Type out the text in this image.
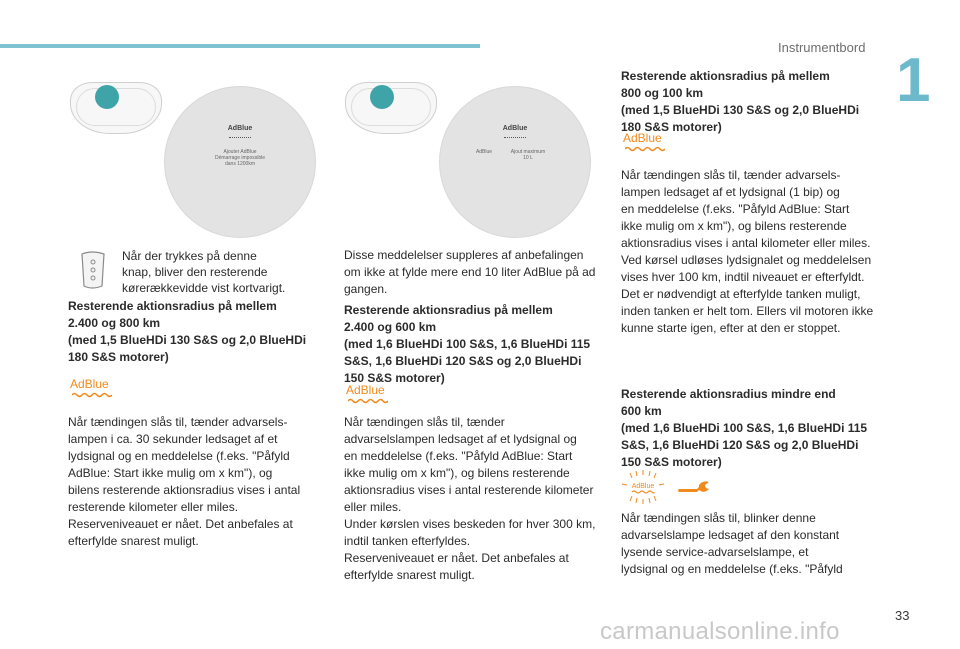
Instrumentbord 1
AdBlue
Ajouter AdBlue
Démarrage impossible
dans 1200km
AdBlue
AdBlue	Ajout maximum
10 L
Når der trykkes på denne
knap, bliver den resterende
kørerækkevidde vist kortvarigt.
Resterende aktionsradius på mellem
2.400 og 800 km
(med 1,5 BlueHDi 130 S&S og 2,0 BlueHDi
180 S&S motorer)
AdBlue
Når tændingen slås til, tænder advarsels-
lampen i ca. 30 sekunder ledsaget af et
lydsignal og en meddelelse (f.eks. "Påfyld
AdBlue: Start ikke mulig om x km"), og
bilens resterende aktionsradius vises i antal
resterende kilometer eller miles.
Reserveniveauet er nået. Det anbefales at
efterfylde snarest muligt.
Disse meddelelser suppleres af anbefalingen
om ikke at fylde mere end 10 liter AdBlue på ad
gangen.
Resterende aktionsradius på mellem
2.400 og 600 km
(med 1,6 BlueHDi 100 S&S, 1,6 BlueHDi 115
S&S, 1,6 BlueHDi 120 S&S og 2,0 BlueHDi
150 S&S motorer)
AdBlue
Når tændingen slås til, tænder
advarselslampen ledsaget af et lydsignal og
en meddelelse (f.eks. "Påfyld AdBlue: Start
ikke mulig om x km"), og bilens resterende
aktionsradius vises i antal resterende kilometer
eller miles.
Under kørslen vises beskeden for hver 300 km,
indtil tanken efterfyldes.
Reserveniveauet er nået. Det anbefales at
efterfylde snarest muligt.
Resterende aktionsradius på mellem
800 og 100 km
(med 1,5 BlueHDi 130 S&S og 2,0 BlueHDi
180 S&S motorer)
AdBlue
Når tændingen slås til, tænder advarsels-
lampen ledsaget af et lydsignal (1 bip) og
en meddelelse (f.eks. "Påfyld AdBlue: Start
ikke mulig om x km"), og bilens resterende
aktionsradius vises i antal kilometer eller miles.
Ved kørsel udløses lydsignalet og meddelelsen
vises hver 100 km, indtil niveauet er efterfyldt.
Det er nødvendigt at efterfylde tanken muligt,
inden tanken er helt tom. Ellers vil motoren ikke
kunne starte igen, efter at den er stoppet.
Resterende aktionsradius mindre end
600 km
(med 1,6 BlueHDi 100 S&S, 1,6 BlueHDi 115
S&S, 1,6 BlueHDi 120 S&S og 2,0 BlueHDi
150 S&S motorer)
AdBlue
Når tændingen slås til, blinker denne
advarselslampe ledsaget af den konstant
lysende service-advarselslampe, et
lydsignal og en meddelelse (f.eks. "Påfyld
33
carmanualsonline.info
